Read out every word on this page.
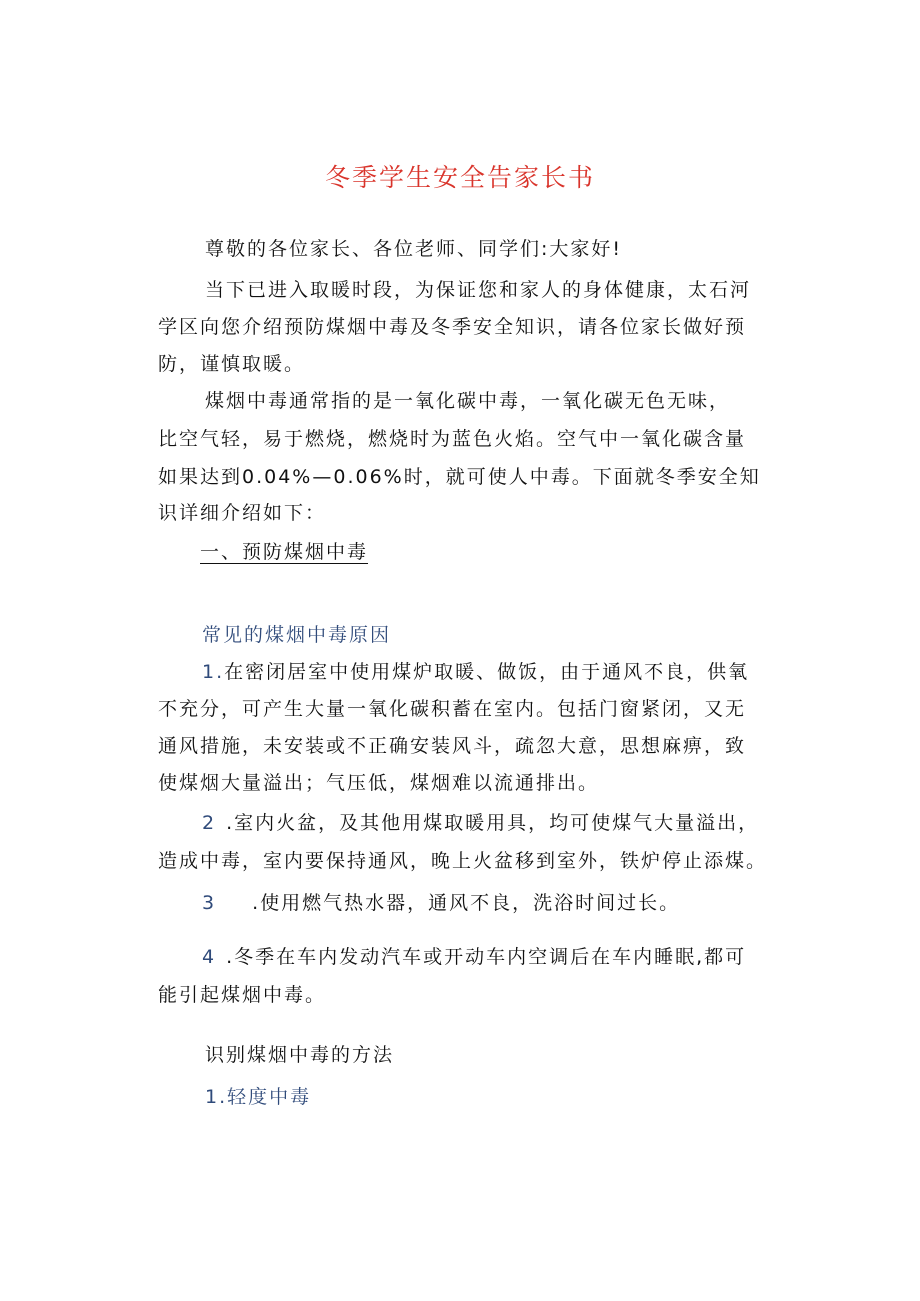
冬季学生安全告家长书
尊敬的各位家长、各位老师、同学们:大家好!
当下已进入取暖时段，为保证您和家人的身体健康，太石河
学区向您介绍预防煤烟中毒及冬季安全知识，请各位家长做好预
防，谨慎取暖。
煤烟中毒通常指的是一氧化碳中毒，一氧化碳无色无味，
比空气轻，易于燃烧，燃烧时为蓝色火焰。空气中一氧化碳含量
如果达到0.04%—0.06%时，就可使人中毒。下面就冬季安全知
识详细介绍如下：
一、预防煤烟中毒
常见的煤烟中毒原因
1.在密闭居室中使用煤炉取暖、做饭，由于通风不良，供氧
不充分，可产生大量一氧化碳积蓄在室内。包括门窗紧闭，又无
通风措施，未安装或不正确安装风斗，疏忽大意，思想麻痹，致
使煤烟大量溢出；气压低，煤烟难以流通排出。
2 .室内火盆，及其他用煤取暖用具，均可使煤气大量溢出，
造成中毒，室内要保持通风，晚上火盆移到室外，铁炉停止添煤。
3 .使用燃气热水器，通风不良，洗浴时间过长。
4 .冬季在车内发动汽车或开动车内空调后在车内睡眠,都可
能引起煤烟中毒。
识别煤烟中毒的方法
1.轻度中毒
